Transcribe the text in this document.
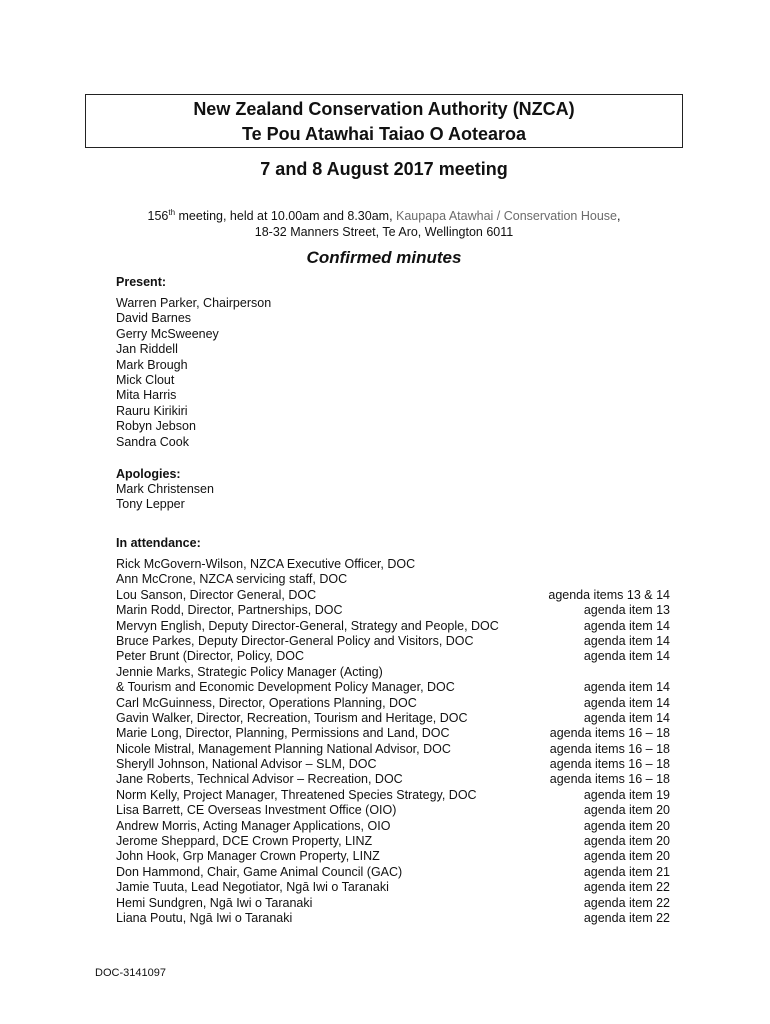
New Zealand Conservation Authority (NZCA)
Te Pou Atawhai Taiao O Aotearoa
7 and 8 August 2017 meeting
156th meeting, held at 10.00am and 8.30am, Kaupapa Atawhai / Conservation House,
18-32 Manners Street, Te Aro, Wellington 6011
Confirmed minutes
Present:
Warren Parker, Chairperson
David Barnes
Gerry McSweeney
Jan Riddell
Mark Brough
Mick Clout
Mita Harris
Rauru Kirikiri
Robyn Jebson
Sandra Cook
Apologies:
Mark Christensen
Tony Lepper
In attendance:
Rick McGovern-Wilson, NZCA Executive Officer, DOC
Ann McCrone, NZCA servicing staff, DOC
Lou Sanson, Director General, DOC	agenda items 13 & 14
Marin Rodd, Director, Partnerships, DOC	agenda item 13
Mervyn English, Deputy Director-General, Strategy and People, DOC	agenda item 14
Bruce Parkes, Deputy Director-General Policy and Visitors, DOC	agenda item 14
Peter Brunt (Director, Policy, DOC	agenda item 14
Jennie Marks, Strategic Policy Manager (Acting)
& Tourism and Economic Development Policy Manager, DOC	agenda item 14
Carl McGuinness, Director, Operations Planning, DOC	agenda item 14
Gavin Walker, Director, Recreation, Tourism and Heritage, DOC	agenda item 14
Marie Long, Director, Planning, Permissions and Land, DOC	agenda items 16 – 18
Nicole Mistral, Management Planning National Advisor, DOC	agenda items 16 – 18
Sheryll Johnson, National Advisor – SLM, DOC	agenda items 16 – 18
Jane Roberts, Technical Advisor – Recreation, DOC	agenda items 16 – 18
Norm Kelly, Project Manager, Threatened Species Strategy, DOC	agenda item 19
Lisa Barrett, CE Overseas Investment Office (OIO)	agenda item 20
Andrew Morris, Acting Manager Applications, OIO	agenda item 20
Jerome Sheppard, DCE Crown Property, LINZ	agenda item 20
John Hook, Grp Manager Crown Property, LINZ	agenda item 20
Don Hammond, Chair, Game Animal Council (GAC)	agenda item 21
Jamie Tuuta, Lead Negotiator, Ngā Iwi o Taranaki	agenda item 22
Hemi Sundgren, Ngā Iwi o Taranaki	agenda item 22
Liana Poutu, Ngā Iwi o Taranaki	agenda item 22
DOC-3141097
